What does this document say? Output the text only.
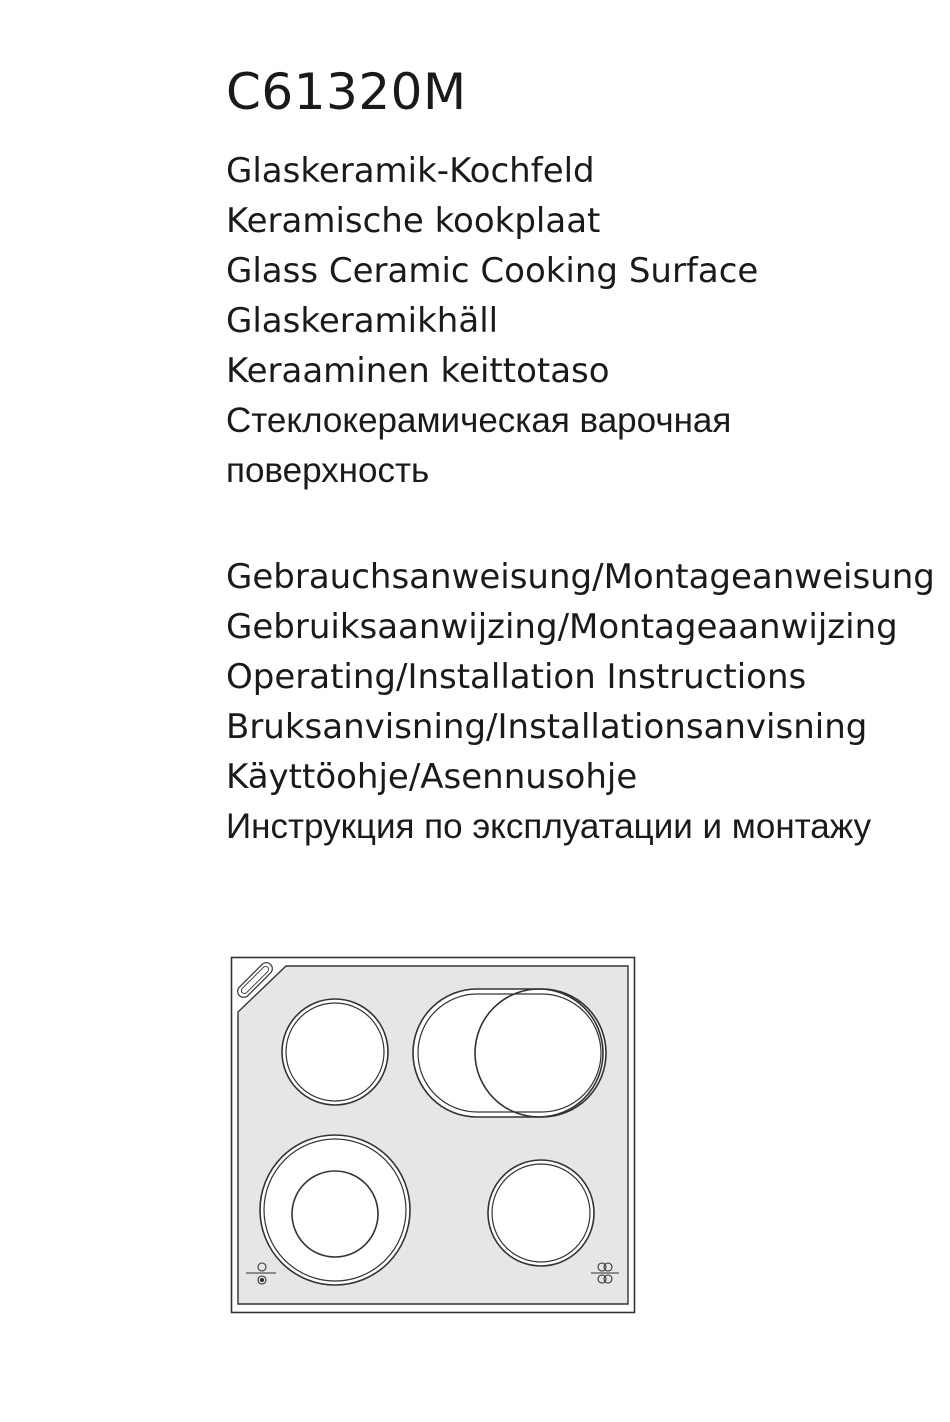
C61320M
Glaskeramik-Kochfeld
Keramische kookplaat
Glass Ceramic Cooking Surface
Glaskeramikhäll
Keraaminen keittotaso
Стеклокерамическая варочная
поверхность
Gebrauchsanweisung/Montageanweisung
Gebruiksaanwijzing/Montageaanwijzing
Operating/Installation Instructions
Bruksanvisning/Installationsanvisning
Käyttöohje/Asennusohje
Инструкция по эксплуатации и монтажу
